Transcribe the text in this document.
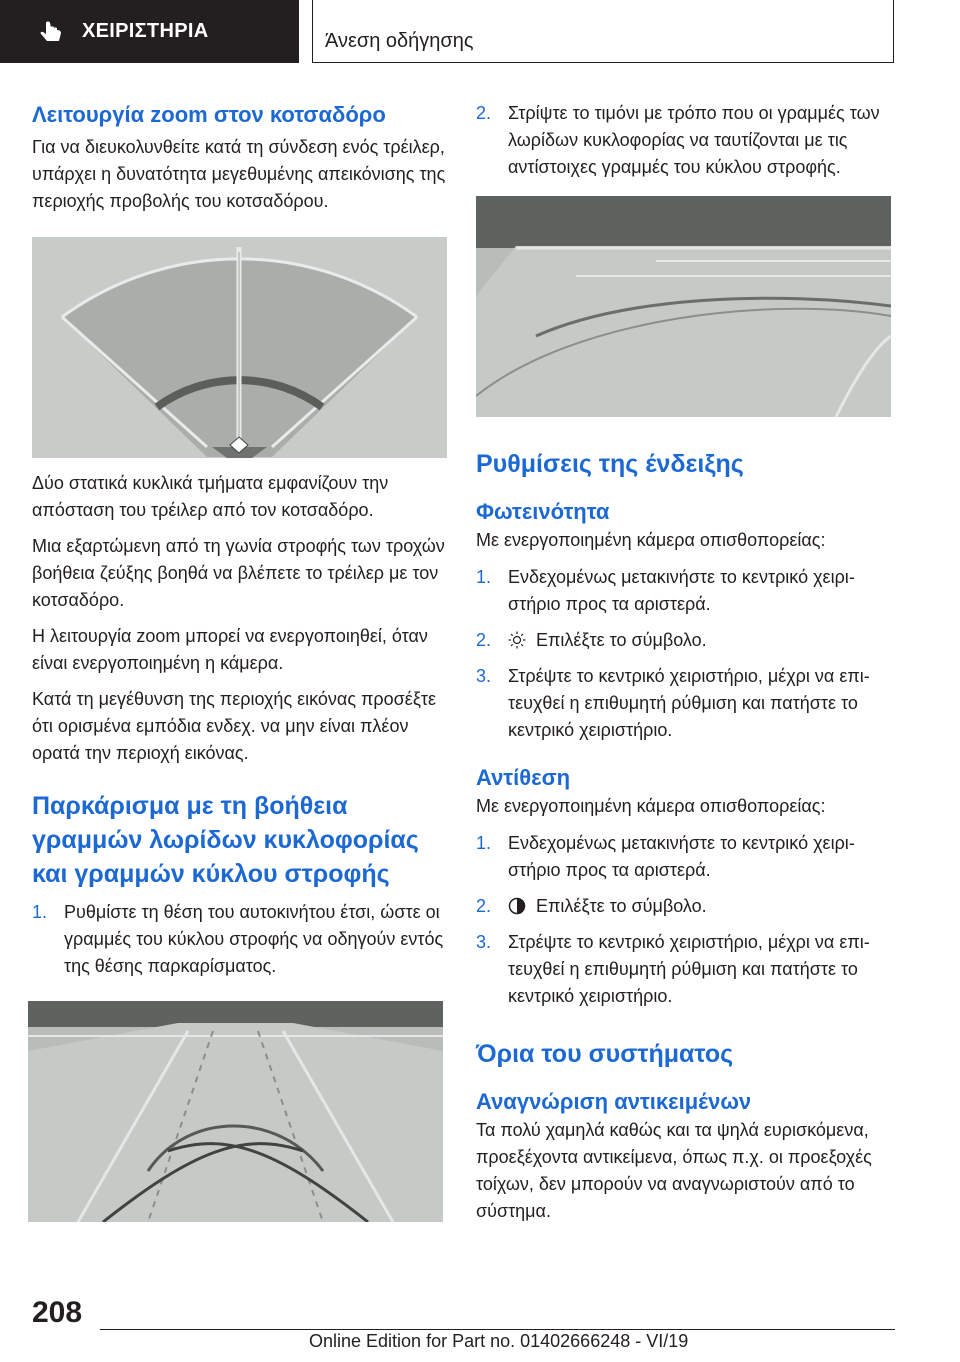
ΧΕΙΡΙΣΤΗΡΙΑ	Άνεση οδήγησης
Λειτουργία zoom στον κοτσαδόρο

Για να διευκολυνθείτε κατά τη σύνδεση ενός τρέιλερ, υπάρχει η δυνατότητα μεγεθυμένης απεικόνισης της περιοχής προβολής του κοτσαδόρου.

Δύο στατικά κυκλικά τμήματα εμφανίζουν την απόσταση του τρέιλερ από τον κοτσαδόρο.

Μια εξαρτώμενη από τη γωνία στροφής των τροχών βοήθεια ζεύξης βοηθά να βλέπετε το τρέιλερ με τον κοτσαδόρο.

Η λειτουργία zoom μπορεί να ενεργοποιηθεί, όταν είναι ενεργοποιημένη η κάμερα.

Κατά τη μεγέθυνση της περιοχής εικόνας προσέξτε ότι ορισμένα εμπόδια ενδεχ. να μην είναι πλέον ορατά την περιοχή εικόνας.

Παρκάρισμα με τη βοήθεια γραμμών λωρίδων κυκλοφορίας και γραμμών κύκλου στροφής
1. Ρυθμίστε τη θέση του αυτοκινήτου έτσι, ώστε οι γραμμές του κύκλου στροφής να οδηγούν εντός της θέσης παρκαρίσματος.
2. Στρίψτε το τιμόνι με τρόπο που οι γραμμές των λωρίδων κυκλοφορίας να ταυτίζονται με τις αντίστοιχες γραμμές του κύκλου στροφής.
Ρυθμίσεις της ένδειξης
Φωτεινότητα

Με ενεργοποιημένη κάμερα οπισθοπορείας:

1. Ενδεχομένως μετακινήστε το κεντρικό χειριστήριο προς τα αριστερά.
2. Επιλέξτε το σύμβολο.
3. Στρέψτε το κεντρικό χειριστήριο, μέχρι να επιτευχθεί η επιθυμητή ρύθμιση και πατήστε το κεντρικό χειριστήριο.
Αντίθεση

Με ενεργοποιημένη κάμερα οπισθοπορείας:

1. Ενδεχομένως μετακινήστε το κεντρικό χειριστήριο προς τα αριστερά.
2. Επιλέξτε το σύμβολο.
3. Στρέψτε το κεντρικό χειριστήριο, μέχρι να επιτευχθεί η επιθυμητή ρύθμιση και πατήστε το κεντρικό χειριστήριο.
Όρια του συστήματος
Αναγνώριση αντικειμένων

Τα πολύ χαμηλά καθώς και τα ψηλά ευρισκόμενα, προεξέχοντα αντικείμενα, όπως π.χ. οι προεξοχές τοίχων, δεν μπορούν να αναγνωριστούν από το σύστημα.

208
Online Edition for Part no. 01402666248 - VI/19
